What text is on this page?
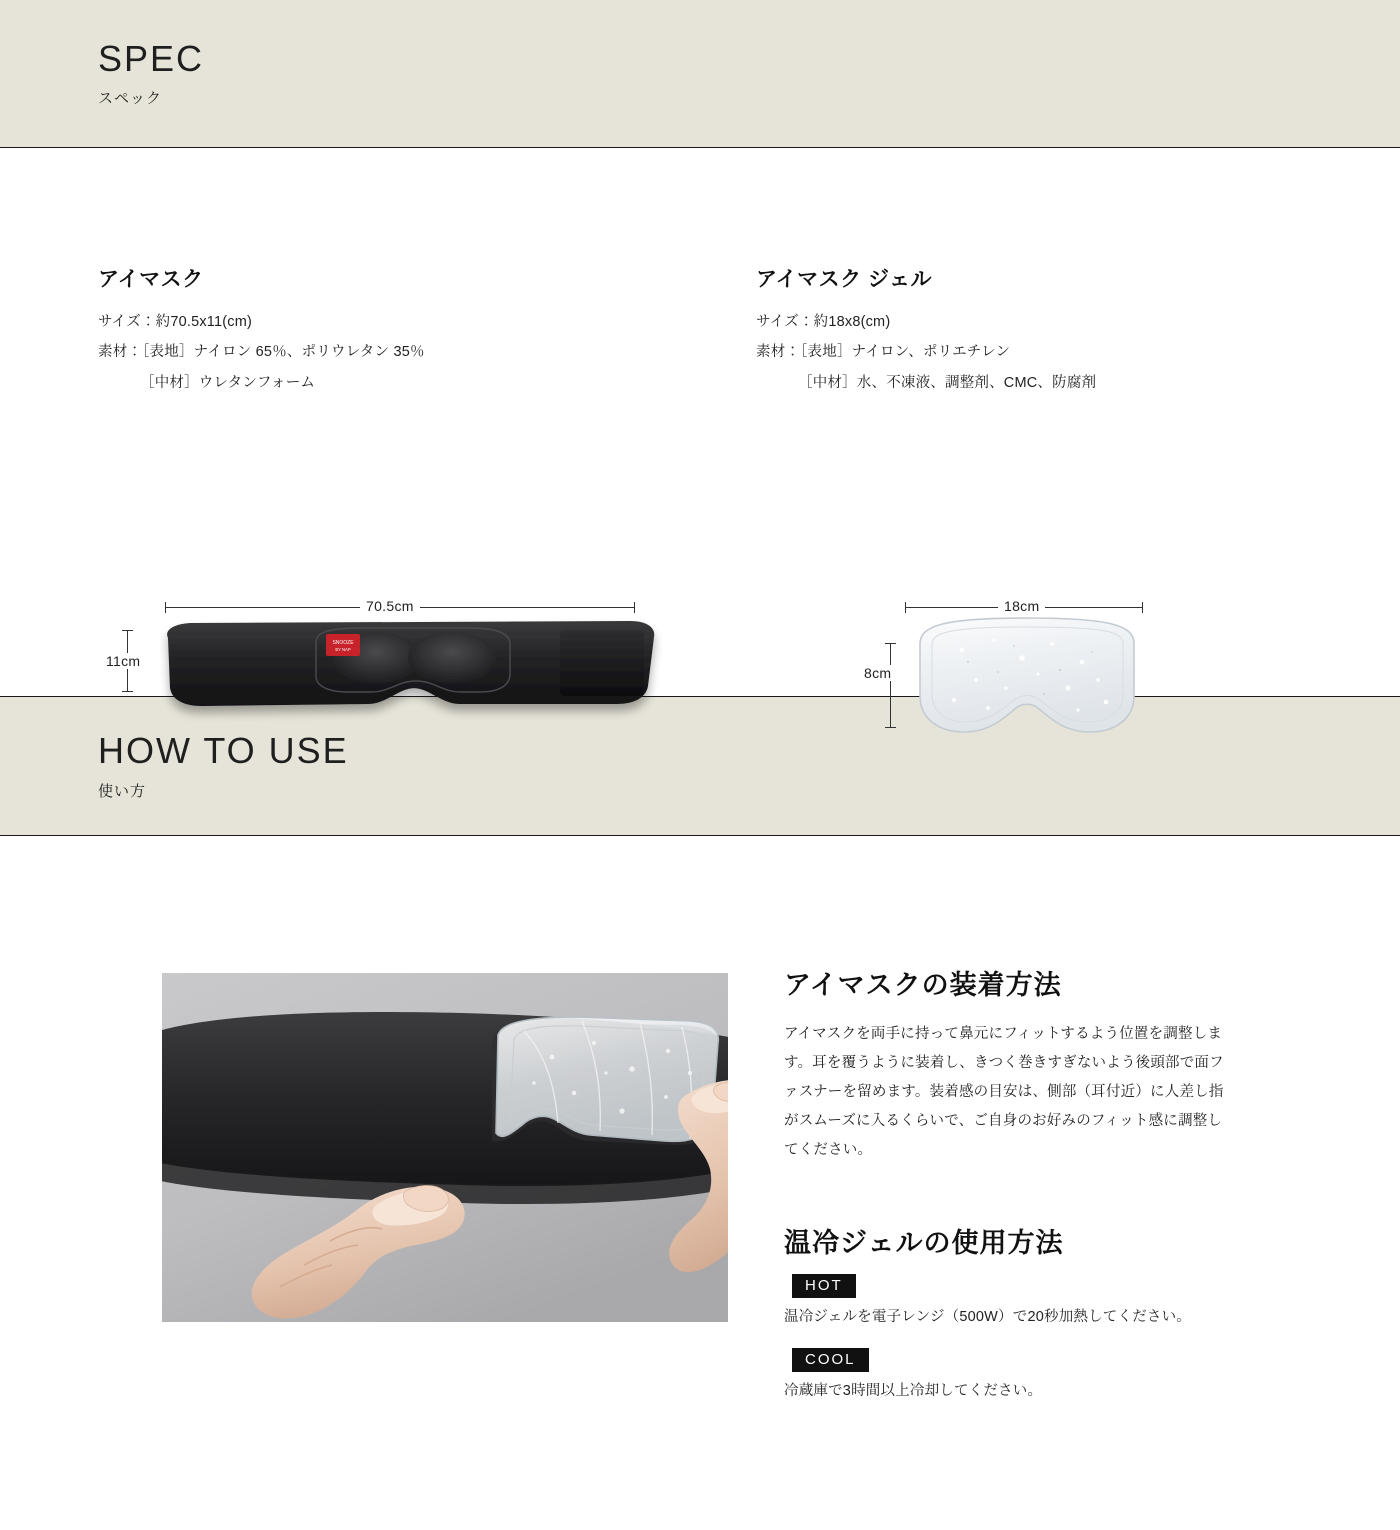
SPEC
スペック
アイマスク
サイズ：約70.5x11(cm)
素材：［表地］ナイロン 65％、ポリウレタン 35％
［中材］ウレタンフォーム
70.5cm
11cm
SNOOZE
BY NAP
アイマスク ジェル
サイズ：約18x8(cm)
素材：［表地］ナイロン、ポリエチレン
［中材］水、不凍液、調整剤、CMC、防腐剤
18cm
8cm
HOW TO USE
使い方
アイマスクの装着方法

アイマスクを両手に持って鼻元にフィットするよう位置を調整します。耳を覆うように装着し、きつく巻きすぎないよう後頭部で面ファスナーを留めます。装着感の目安は、側部（耳付近）に人差し指がスムーズに入るくらいで、ご自身のお好みのフィット感に調整してください。

温冷ジェルの使用方法
HOT
温冷ジェルを電子レンジ（500W）で20秒加熱してください。
COOL
冷蔵庫で3時間以上冷却してください。
